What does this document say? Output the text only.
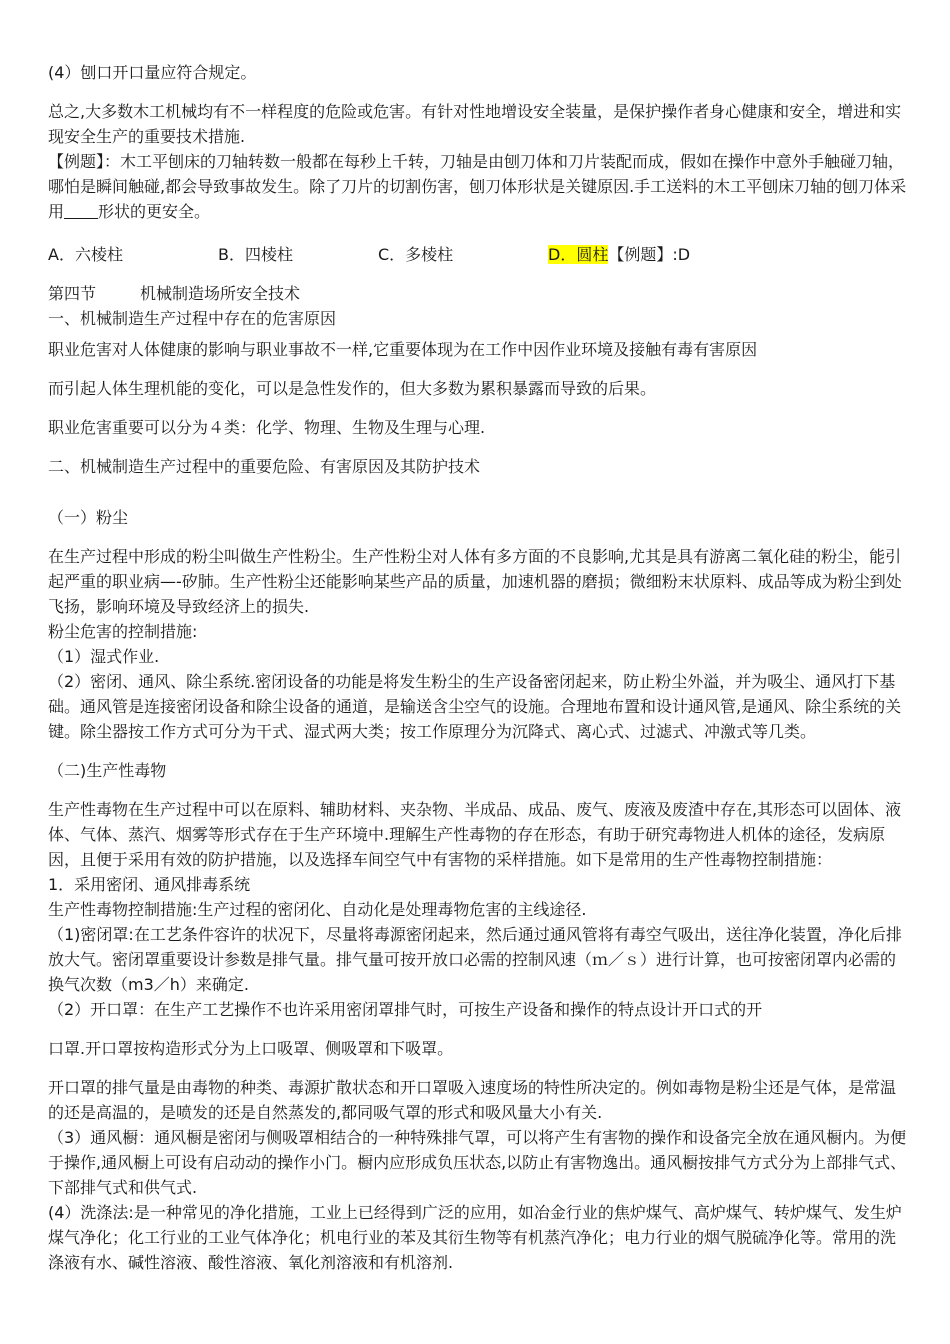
(4）刨口开口量应符合规定。

总之,大多数木工机械均有不一样程度的危险或危害。有针对性地增设安全装量，是保护操作者身心健康和安全，增进和实现安全生产的重要技术措施.

【例题】：木工平刨床的刀轴转数一般都在每秒上千转，刀轴是由刨刀体和刀片装配而成，假如在操作中意外手触碰刀轴，哪怕是瞬间触碰,都会导致事故发生。除了刀片的切割伤害，刨刀体形状是关键原因.手工送料的木工平刨床刀轴的刨刀体采用 形状的更安全。

A．六棱柱	B．四棱柱	C．多棱柱	D．圆柱【例题】:D

第四节	机械制造场所安全技术

一、机械制造生产过程中存在的危害原因

职业危害对人体健康的影响与职业事故不一样,它重要体现为在工作中因作业环境及接触有毒有害原因

而引起人体生理机能的变化，可以是急性发作的，但大多数为累积暴露而导致的后果。

职业危害重要可以分为４类：化学、物理、生物及生理与心理.

二、机械制造生产过程中的重要危险、有害原因及其防护技术

（一）粉尘

在生产过程中形成的粉尘叫做生产性粉尘。生产性粉尘对人体有多方面的不良影响,尤其是具有游离二氧化硅的粉尘，能引起严重的职业病—-矽肺。生产性粉尘还能影响某些产品的质量，加速机器的磨损；微细粉末状原料、成品等成为粉尘到处飞扬，影响环境及导致经济上的损失.

粉尘危害的控制措施:

（1）湿式作业.

（2）密闭、通风、除尘系统.密闭设备的功能是将发生粉尘的生产设备密闭起来，防止粉尘外溢，并为吸尘、通风打下基础。通风管是连接密闭设备和除尘设备的通道，是输送含尘空气的设施。合理地布置和设计通风管,是通风、除尘系统的关键。除尘器按工作方式可分为干式、湿式两大类；按工作原理分为沉降式、离心式、过滤式、冲激式等几类。

（二)生产性毒物

生产性毒物在生产过程中可以在原料、辅助材料、夹杂物、半成品、成品、废气、废液及废渣中存在,其形态可以固体、液体、气体、蒸汽、烟雾等形式存在于生产环境中.理解生产性毒物的存在形态，有助于研究毒物进人机体的途径，发病原因，且便于采用有效的防护措施，以及选择车间空气中有害物的采样措施。如下是常用的生产性毒物控制措施：

1．采用密闭、通风排毒系统

生产性毒物控制措施:生产过程的密闭化、自动化是处理毒物危害的主线途径.

（1)密闭罩:在工艺条件容许的状况下，尽量将毒源密闭起来，然后通过通风管将有毒空气吸出，送往净化装置，净化后排放大气。密闭罩重要设计参数是排气量。排气量可按开放口必需的控制风速（ｍ／ｓ）进行计算，也可按密闭罩内必需的换气次数（m3／h）来确定.

（2）开口罩：在生产工艺操作不也许采用密闭罩排气时，可按生产设备和操作的特点设计开口式的开

口罩.开口罩按构造形式分为上口吸罩、侧吸罩和下吸罩。

开口罩的排气量是由毒物的种类、毒源扩散状态和开口罩吸入速度场的特性所决定的。例如毒物是粉尘还是气体，是常温的还是高温的，是喷发的还是自然蒸发的,都同吸气罩的形式和吸风量大小有关.

（3）通风橱：通风橱是密闭与侧吸罩相结合的一种特殊排气罩，可以将产生有害物的操作和设备完全放在通风橱内。为便于操作,通风橱上可设有启动动的操作小门。橱内应形成负压状态,以防止有害物逸出。通风橱按排气方式分为上部排气式、下部排气式和供气式.

(4）洗涤法:是一种常见的净化措施，工业上已经得到广泛的应用，如冶金行业的焦炉煤气、高炉煤气、转炉煤气、发生炉煤气净化；化工行业的工业气体净化；机电行业的苯及其衍生物等有机蒸汽净化；电力行业的烟气脱硫净化等。常用的洗涤液有水、碱性溶液、酸性溶液、氧化剂溶液和有机溶剂.
